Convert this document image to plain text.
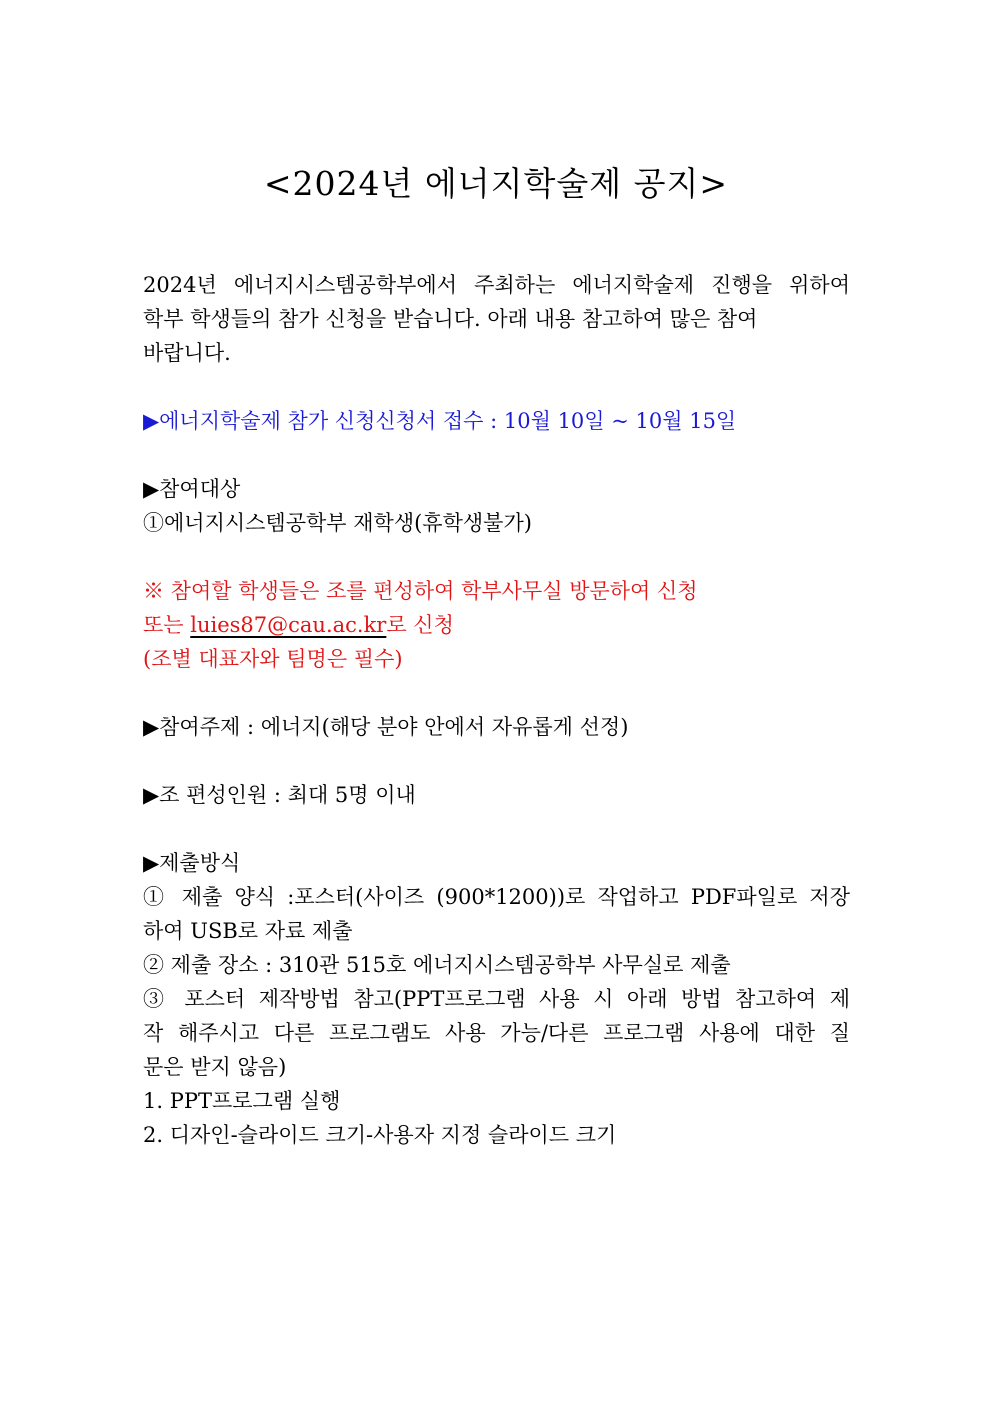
<2024년 에너지학술제 공지>
2024년 에너지시스템공학부에서 주최하는 에너지학술제 진행을 위하여
학부 학생들의 참가 신청을 받습니다. 아래 내용 참고하여 많은 참여
바랍니다.
▶에너지학술제 참가 신청신청서 접수 : 10월 10일 ~ 10월 15일
▶참여대상
①에너지시스템공학부 재학생(휴학생불가)
※ 참여할 학생들은 조를 편성하여 학부사무실 방문하여 신청
또는 luies87@cau.ac.kr로 신청
(조별 대표자와 팀명은 필수)
▶참여주제 : 에너지(해당 분야 안에서 자유롭게 선정)
▶조 편성인원 : 최대 5명 이내
▶제출방식
① 제출 양식 :포스터(사이즈 (900*1200))로 작업하고 PDF파일로 저장
하여 USB로 자료 제출
② 제출 장소 : 310관 515호 에너지시스템공학부 사무실로 제출
③ 포스터 제작방법 참고(PPT프로그램 사용 시 아래 방법 참고하여 제
작 해주시고 다른 프로그램도 사용 가능/다른 프로그램 사용에 대한 질
문은 받지 않음)
1. PPT프로그램 실행
2. 디자인-슬라이드 크기-사용자 지정 슬라이드 크기
